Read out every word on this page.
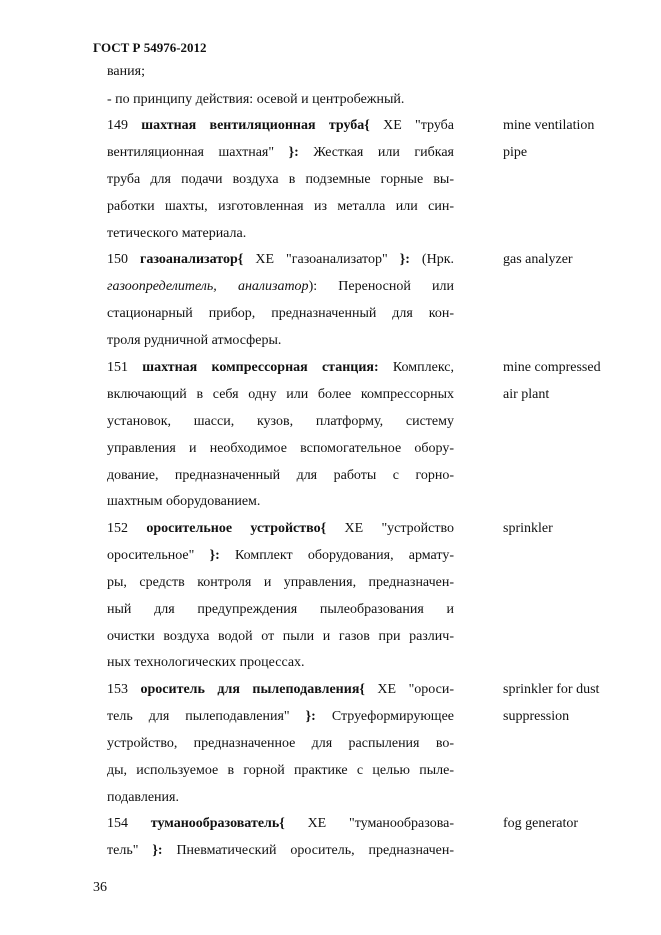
ГОСТ Р 54976-2012
вания;
- по принципу действия: осевой и центробежный.
149 шахтная вентиляционная труба{ ХЕ "труба
вентиляционная шахтная" }: Жесткая или гибкая
труба для подачи воздуха в подземные горные вы-
работки шахты, изготовленная из металла или син-
тетического материала.
mine ventilation
pipe
150 газоанализатор{ ХЕ "газоанализатор" }: (Нрк.
газоопределитель, анализатор): Переносной или
стационарный прибор, предназначенный для кон-
троля рудничной атмосферы.
gas analyzer
151 шахтная компрессорная станция: Комплекс,
включающий в себя одну или более компрессорных
установок, шасси, кузов, платформу, систему
управления и необходимое вспомогательное обору-
дование, предназначенный для работы с горно-
шахтным оборудованием.
mine compressed
air plant
152 оросительное устройство{ ХЕ "устройство
оросительное" }: Комплект оборудования, армату-
ры, средств контроля и управления, предназначен-
ный для предупреждения пылеобразования и
очистки воздуха водой от пыли и газов при различ-
ных технологических процессах.
sprinkler
153 ороситель для пылеподавления{ ХЕ "ороси-
тель для пылеподавления" }: Струеформирующее
устройство, предназначенное для распыления во-
ды, используемое в горной практике с целью пыле-
подавления.
sprinkler for dust
suppression
154 туманообразователь{ ХЕ "туманообразова-
тель" }: Пневматический ороситель, предназначен-
fog generator
36
